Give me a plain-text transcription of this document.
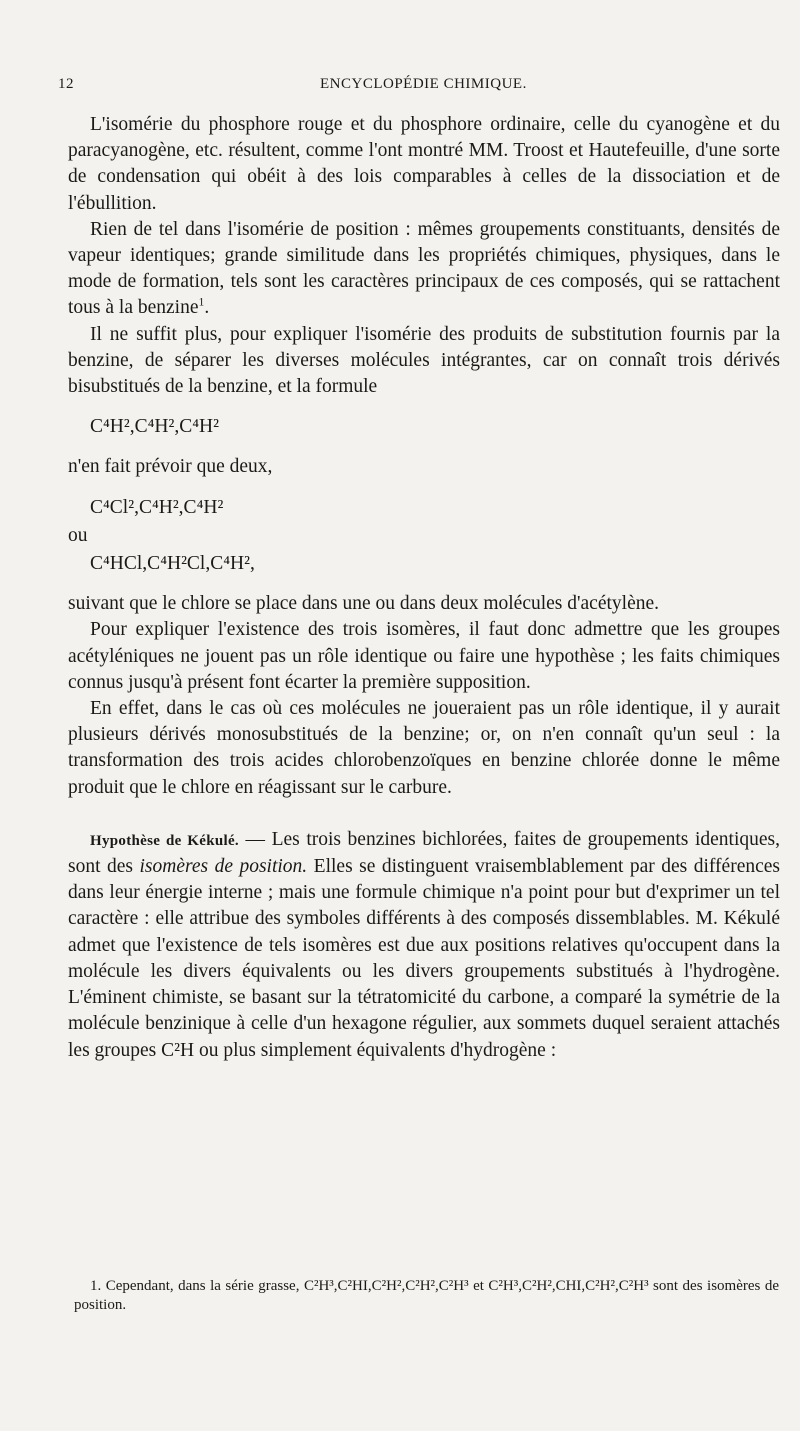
12	ENCYCLOPÉDIE CHIMIQUE.

L'isomérie du phosphore rouge et du phosphore ordinaire, celle du cyanogène et du paracyanogène, etc. résultent, comme l'ont montré MM. Troost et Hautefeuille, d'une sorte de condensation qui obéit à des lois comparables à celles de la dissociation et de l'ébullition.

Rien de tel dans l'isomérie de position : mêmes groupements constituants, densités de vapeur identiques; grande similitude dans les propriétés chimiques, physiques, dans le mode de formation, tels sont les caractères principaux de ces composés, qui se rattachent tous à la benzine$^1$.

Il ne suffit plus, pour expliquer l'isomérie des produits de substitution fournis par la benzine, de séparer les diverses molécules intégrantes, car on connaît trois dérivés bisubstitués de la benzine, et la formule

C⁴H²,C⁴H²,C⁴H²

n'en fait prévoir que deux,

C⁴Cl²,C⁴H²,C⁴H²

ou

C⁴HCl,C⁴H²Cl,C⁴H²,

suivant que le chlore se place dans une ou dans deux molécules d'acétylène.

Pour expliquer l'existence des trois isomères, il faut donc admettre que les groupes acétyléniques ne jouent pas un rôle identique ou faire une hypothèse ; les faits chimiques connus jusqu'à présent font écarter la première supposition.

En effet, dans le cas où ces molécules ne joueraient pas un rôle identique, il y aurait plusieurs dérivés monosubstitués de la benzine; or, on n'en connaît qu'un seul : la transformation des trois acides chlorobenzoïques en benzine chlorée donne le même produit que le chlore en réagissant sur le carbure.

Hypothèse de Kékulé. — Les trois benzines bichlorées, faites de groupements identiques, sont des isomères de position. Elles se distinguent vraisemblablement par des différences dans leur énergie interne ; mais une formule chimique n'a point pour but d'exprimer un tel caractère : elle attribue des symboles différents à des composés dissemblables. M. Kékulé admet que l'existence de tels isomères est due aux positions relatives qu'occupent dans la molécule les divers équivalents ou les divers groupements substitués à l'hydrogène. L'éminent chimiste, se basant sur la tétratomicité du carbone, a comparé la symétrie de la molécule benzinique à celle d'un hexagone régulier, aux sommets duquel seraient attachés les groupes C²H ou plus simplement équivalents d'hydrogène :

1. Cependant, dans la série grasse, C²H³,C²HI,C²H²,C²H²,C²H³ et C²H³,C²H²,CHI,C²H²,C²H³ sont des isomères de position.
